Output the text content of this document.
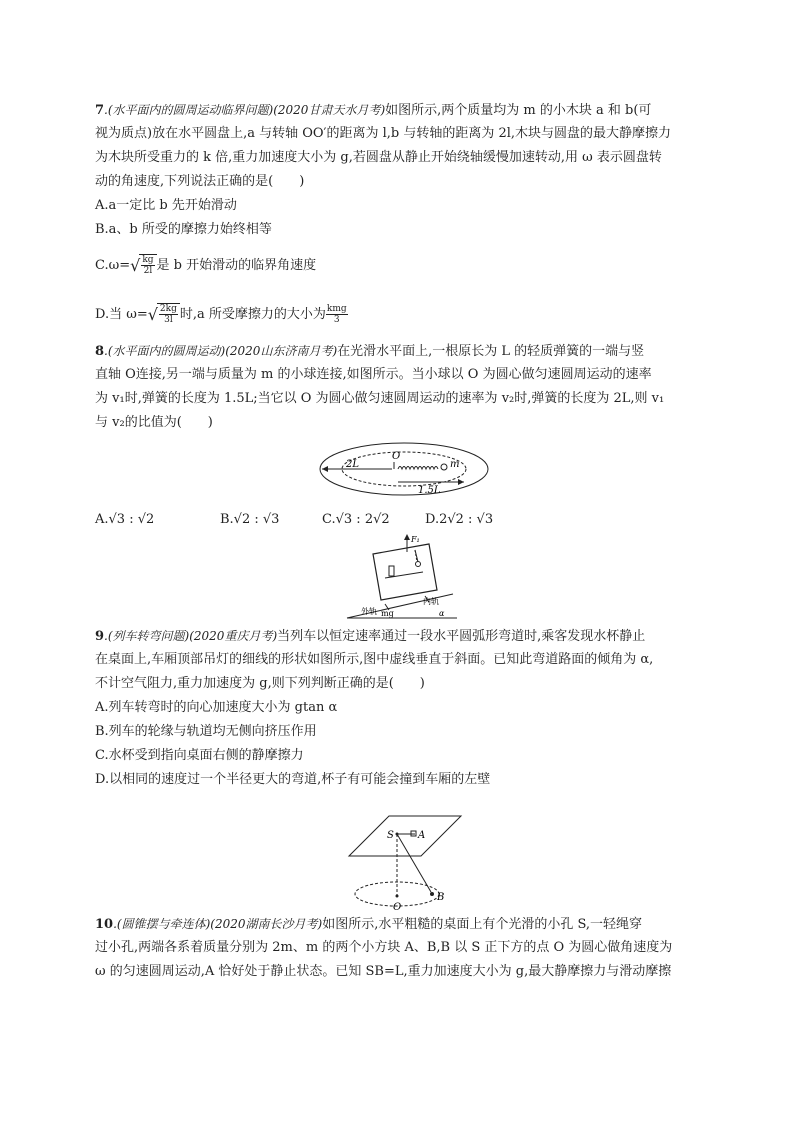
7.(水平面内的圆周运动临界问题)(2020甘肃天水月考)如图所示,两个质量均为 m 的小木块 a 和 b(可
视为质点)放在水平圆盘上,a 与转轴 OO′的距离为 l,b 与转轴的距离为 2l,木块与圆盘的最大静摩擦力
为木块所受重力的 k 倍,重力加速度大小为 g,若圆盘从静止开始绕轴缓慢加速转动,用 ω 表示圆盘转
动的角速度,下列说法正确的是(　　)
A.a一定比 b 先开始滑动
B.a、b 所受的摩擦力始终相等
$C.\omega=√ \frac{kg}{2l}$ 是 b 开始滑动的临界角速度
D.当 $\omega=√ \frac{2kg}{3l}$ 时,a 所受摩擦力的大小为 $\frac{\text{kmg}}{3}$
8.(水平面内的圆周运动)(2020山东济南月考)在光滑水平面上,一根原长为 L 的轻质弹簧的一端与竖
直轴 O连接,另一端与质量为 m 的小球连接,如图所示。当小球以 O 为圆心做匀速圆周运动的速率
为 v₁时,弹簧的长度为 1.5L;当它以 O 为圆心做匀速圆周运动的速率为 v₂时,弹簧的长度为 2L,则 v₁
与 v₂的比值为(　　)
O
m
2L
1.5L
A.√3 : √2	B.√2 : √3	C.√3 : 2√2	D.2√2 : √3
F₁
mg
外轨
内轨
α
9.(列车转弯问题)(2020重庆月考)当列车以恒定速率通过一段水平圆弧形弯道时,乘客发现水杯静止
在桌面上,车厢顶部吊灯的细线的形状如图所示,图中虚线垂直于斜面。已知此弯道路面的倾角为 α,
不计空气阻力,重力加速度为 g,则下列判断正确的是(　　)
A.列车转弯时的向心加速度大小为 gtan α
B.列车的轮缘与轨道均无侧向挤压作用
C.水杯受到指向桌面右侧的静摩擦力
D.以相同的速度过一个半径更大的弯道,杯子有可能会撞到车厢的左壁
S A
B
O
10.(圆锥摆与牵连体)(2020湖南长沙月考)如图所示,水平粗糙的桌面上有个光滑的小孔 S,一轻绳穿
过小孔,两端各系着质量分别为 2m、m 的两个小方块 A、B,B 以 S 正下方的点 O 为圆心做角速度为
ω 的匀速圆周运动,A 恰好处于静止状态。已知 SB=L,重力加速度大小为 g,最大静摩擦力与滑动摩擦
